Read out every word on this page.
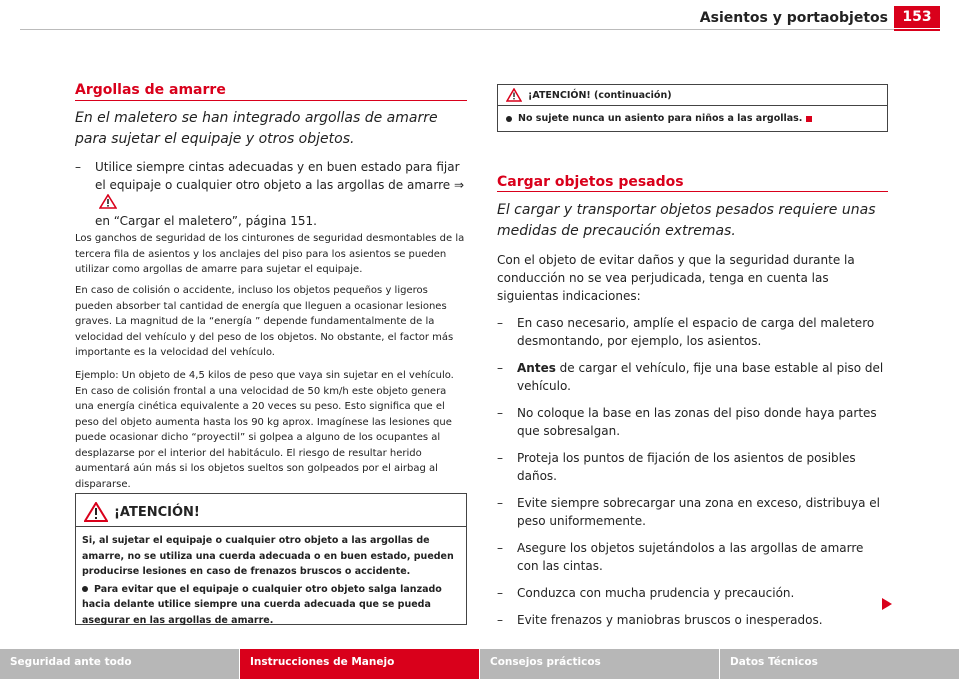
Asientos y portaobjetos	153
Argollas de amarre

En el maletero se han integrado argollas de amarre para sujetar el equipaje y otros objetos.

– Utilice siempre cintas adecuadas y en buen estado para fijar el equipaje o cualquier otro objeto a las argollas de amarre ⇒
en “Cargar el maletero”, página 151.

Los ganchos de seguridad de los cinturones de seguridad desmontables de la tercera fila de asientos y los anclajes del piso para los asientos se pueden utilizar como argollas de amarre para sujetar el equipaje.

En caso de colisión o accidente, incluso los objetos pequeños y ligeros pueden absorber tal cantidad de energía que lleguen a ocasionar lesiones graves. La magnitud de la “energía ” depende fundamentalmente de la velocidad del vehículo y del peso de los objetos. No obstante, el factor más importante es la velocidad del vehículo.

Ejemplo: Un objeto de 4,5 kilos de peso que vaya sin sujetar en el vehículo. En caso de colisión frontal a una velocidad de 50 km/h este objeto genera una energía cinética equivalente a 20 veces su peso. Esto significa que el peso del objeto aumenta hasta los 90 kg aprox. Imagínese las lesiones que puede ocasionar dicho “proyectil” si golpea a alguno de los ocupantes al desplazarse por el interior del habitáculo. El riesgo de resultar herido aumentará aún más si los objetos sueltos son golpeados por el airbag al dispararse.

¡ATENCIÓN!

Si, al sujetar el equipaje o cualquier otro objeto a las argollas de amarre, no se utiliza una cuerda adecuada o en buen estado, pueden producirse lesiones en caso de frenazos bruscos o accidente.

Para evitar que el equipaje o cualquier otro objeto salga lanzado hacia delante utilice siempre una cuerda adecuada que se pueda asegurar en las argollas de amarre.

¡ATENCIÓN! (continuación)
No sujete nunca un asiento para niños a las argollas.
Cargar objetos pesados

El cargar y transportar objetos pesados requiere unas medidas de precaución extremas.

Con el objeto de evitar daños y que la seguridad durante la conducción no se vea perjudicada, tenga en cuenta las siguientas indicaciones:

– En caso necesario, amplíe el espacio de carga del maletero desmontando, por ejemplo, los asientos.
– Antes de cargar el vehículo, fije una base estable al piso del vehículo.
– No coloque la base en las zonas del piso donde haya partes que sobresalgan.
– Proteja los puntos de fijación de los asientos de posibles daños.
– Evite siempre sobrecargar una zona en exceso, distribuya el peso uniformemente.
– Asegure los objetos sujetándolos a las argollas de amarre con las cintas.
– Conduzca con mucha prudencia y precaución.
– Evite frenazos y maniobras bruscos o inesperados.
Seguridad ante todo	Instrucciones de Manejo	Consejos prácticos	Datos Técnicos
